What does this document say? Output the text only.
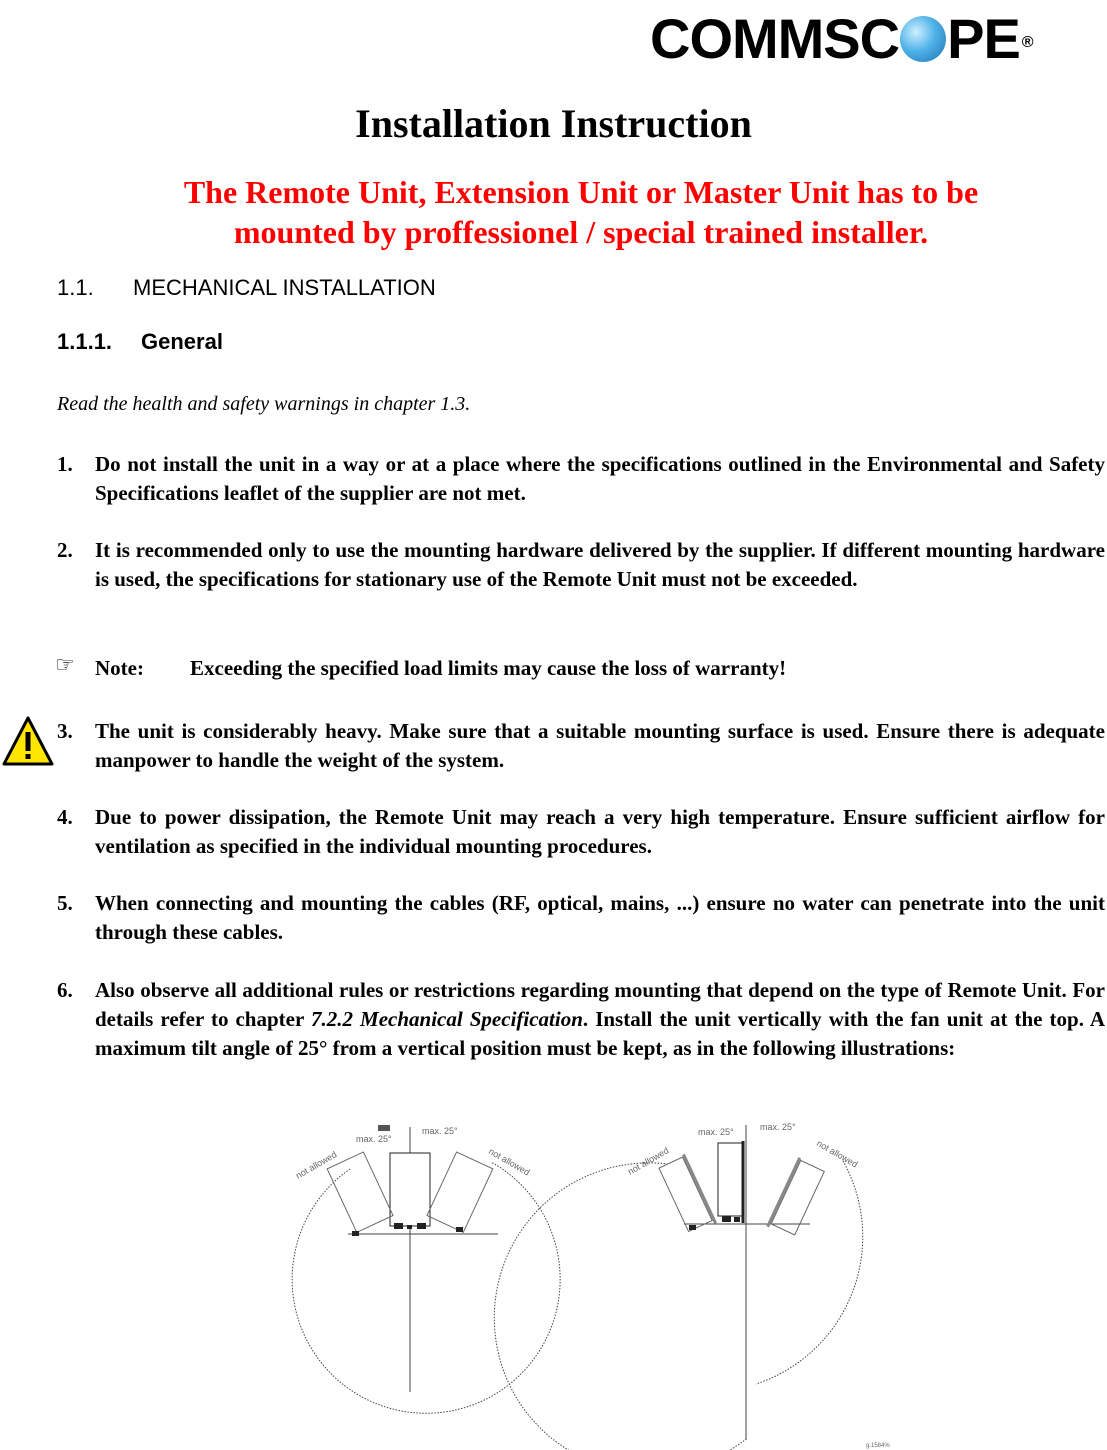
COMMSC PE ®
Installation Instruction
The Remote Unit, Extension Unit or Master Unit has to be
mounted by proffessionel / special trained installer.
1.1. MECHANICAL INSTALLATION
1.1.1. General
Read the health and safety warnings in chapter 1.3.
1. Do not install the unit in a way or at a place where the specifications outlined in the Environmental and Safety Specifications leaflet of the supplier are not met.
2. It is recommended only to use the mounting hardware delivered by the supplier. If different mounting hardware is used, the specifications for stationary use of the Remote Unit must not be exceeded.
☞ Note: Exceeding the specified load limits may cause the loss of warranty!
3. The unit is considerably heavy. Make sure that a suitable mounting surface is used. Ensure there is adequate manpower to handle the weight of the system.
4. Due to power dissipation, the Remote Unit may reach a very high temperature. Ensure sufficient airflow for ventilation as specified in the individual mounting procedures.
5. When connecting and mounting the cables (RF, optical, mains, ...) ensure no water can penetrate into the unit through these cables.
6. Also observe all additional rules or restrictions regarding mounting that depend on the type of Remote Unit. For details refer to chapter 7.2.2 Mechanical Specification. Install the unit vertically with the fan unit at the top. A maximum tilt angle of 25° from a vertical position must be kept, as in the following illustrations:
max. 25°
max. 25°
not allowed	not allowed
max. 25°	max. 25°
not allowed	not allowed
g.1584%
